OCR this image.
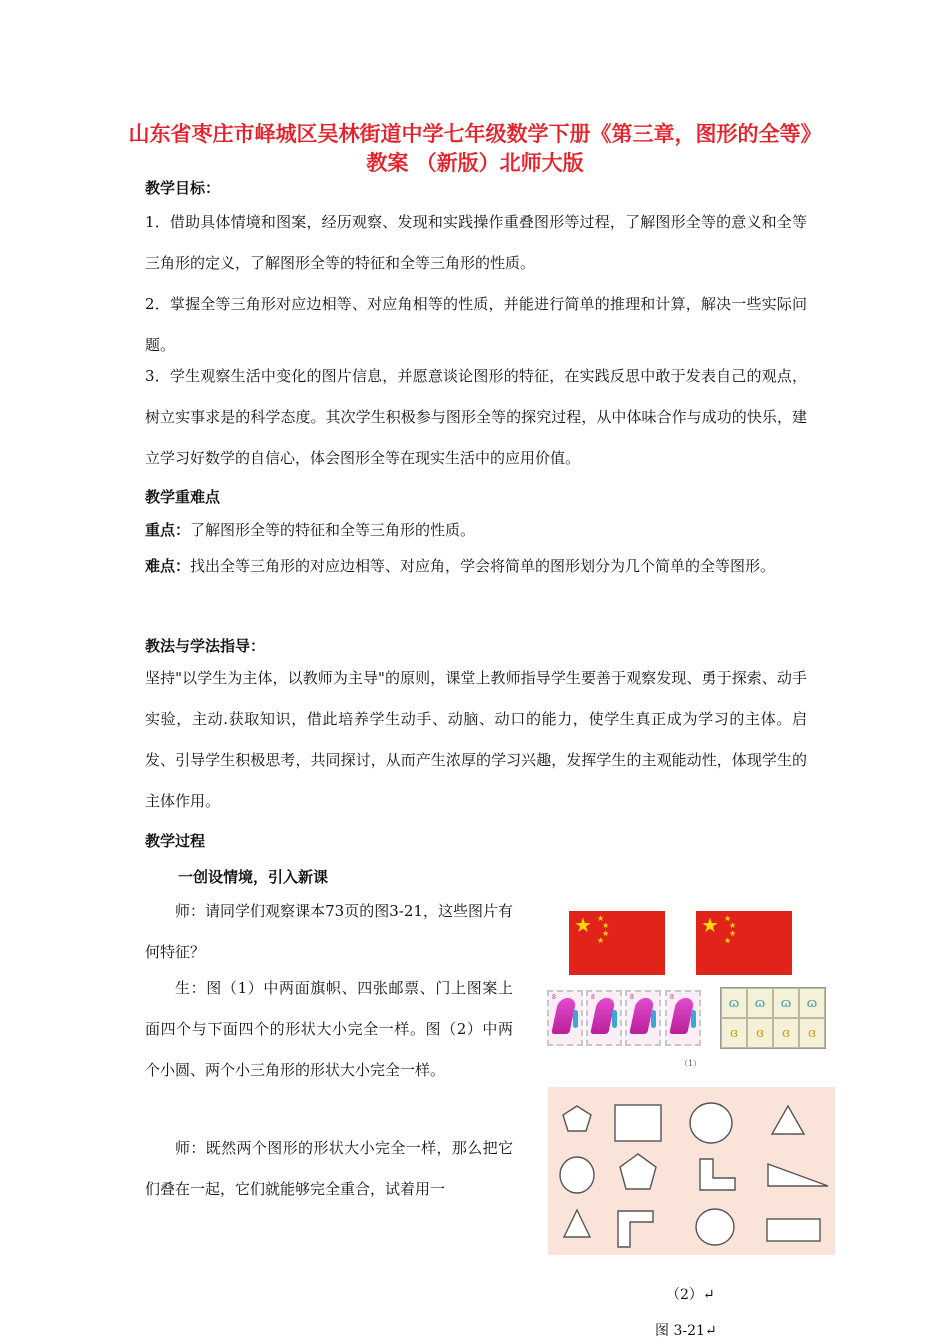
山东省枣庄市峄城区吴林街道中学七年级数学下册《第三章，图形的全等》教案 （新版）北师大版
教学目标：

1．借助具体情境和图案，经历观察、发现和实践操作重叠图形等过程，了解图形全等的意义和全等三角形的定义，了解图形全等的特征和全等三角形的性质。

2．掌握全等三角形对应边相等、对应角相等的性质，并能进行简单的推理和计算，解决一些实际问题。

3．学生观察生活中变化的图片信息，并愿意谈论图形的特征，在实践反思中敢于发表自己的观点，树立实事求是的科学态度。其次学生积极参与图形全等的探究过程，从中体味合作与成功的快乐，建立学习好数学的自信心，体会图形全等在现实生活中的应用价值。

教学重难点

重点：了解图形全等的特征和全等三角形的性质。

难点：找出全等三角形的对应边相等、对应角，学会将简单的图形划分为几个简单的全等图形。

教法与学法指导：

坚持"以学生为主体，以教师为主导"的原则，课堂上教师指导学生要善于观察发现、勇于探索、动手实验，主动.获取知识，借此培养学生动手、动脑、动口的能力，使学生真正成为学习的主体。启发、引导学生积极思考，共同探讨，从而产生浓厚的学习兴趣，发挥学生的主观能动性，体现学生的主体作用。

教学过程
一创设情境，引入新课

师：请同学们观察课本73页的图3-21，这些图片有何特征？

生：图（1）中两面旗帜、四张邮票、门上图案上面四个与下面四个的形状大小完全一样。图（2）中两个小圆、两个小三角形的形状大小完全一样。

师：既然两个图形的形状大小完全一样，那么把它们叠在一起，它们就能够完全重合，试着用一

★ ★
★
★
★
★ ★
★
★
★
8	8	8	8	ɷ	ɷ	ɷ	ɷ
ɞ	ɞ	ɞ	ɞ
（1）
（2）↵
图 3-21↵
